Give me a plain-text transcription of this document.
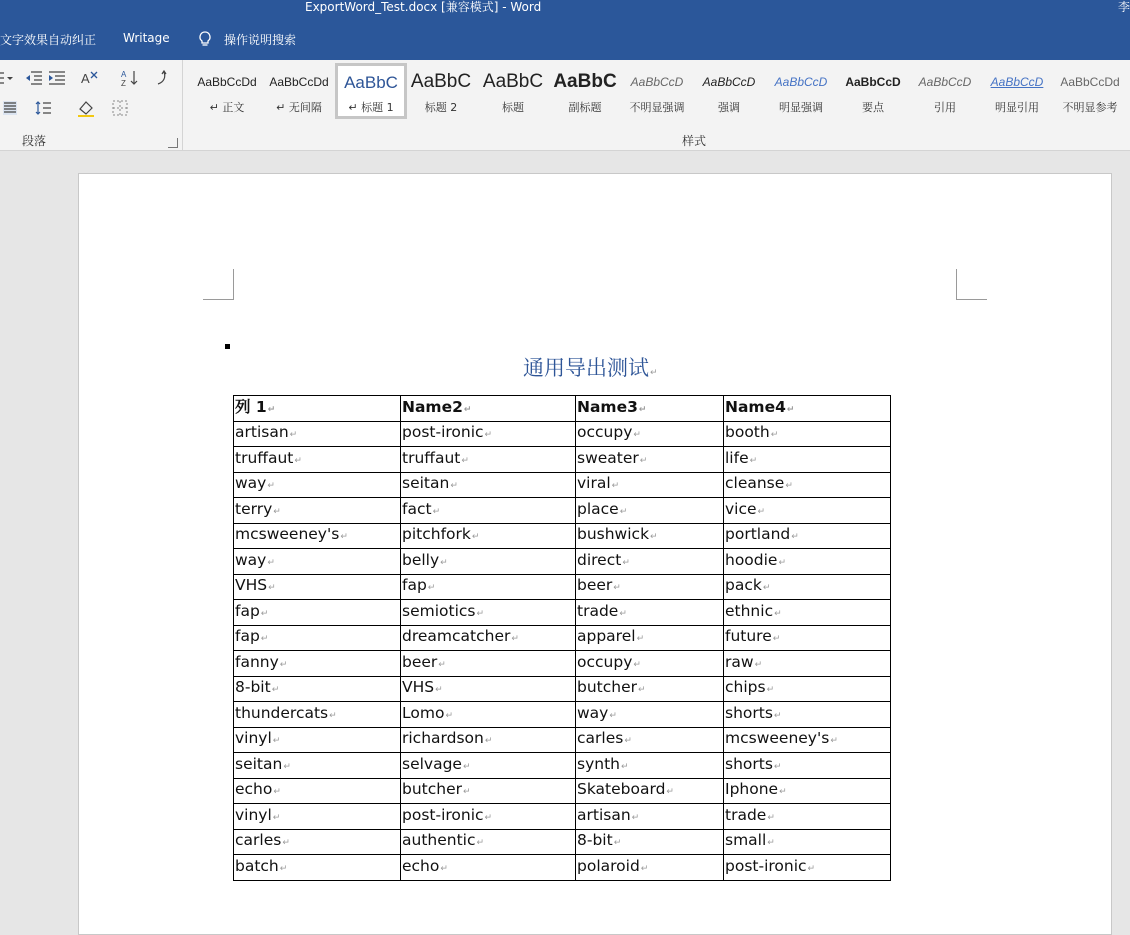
ExportWord_Test.docx [兼容模式] - Word	李
文字效果自动纠正 Writage	操作说明搜索
A	A
Z
段落
AaBbCcDd
↵ 正文
AaBbCcDd
↵ 无间隔
AaBbC
↵ 标题 1
AaBbC
标题 2
AaBbC
标题
AaBbC
副标题
AaBbCcD
不明显强调
AaBbCcD
强调
AaBbCcD
明显强调
AaBbCcD
要点
AaBbCcD
引用
AaBbCcD
明显引用
AaBbCcDd
不明显参考
样式
通用导出测试↵
列 1↵	Name2↵	Name3↵	Name4↵
artisan↵	post-ironic↵	occupy↵	booth↵
truffaut↵	truffaut↵	sweater↵	life↵
way↵	seitan↵	viral↵	cleanse↵
terry↵	fact↵	place↵	vice↵
mcsweeney's↵	pitchfork↵	bushwick↵	portland↵
way↵	belly↵	direct↵	hoodie↵
VHS↵	fap↵	beer↵	pack↵
fap↵	semiotics↵	trade↵	ethnic↵
fap↵	dreamcatcher↵	apparel↵	future↵
fanny↵	beer↵	occupy↵	raw↵
8-bit↵	VHS↵	butcher↵	chips↵
thundercats↵	Lomo↵	way↵	shorts↵
vinyl↵	richardson↵	carles↵	mcsweeney's↵
seitan↵	selvage↵	synth↵	shorts↵
echo↵	butcher↵	Skateboard↵	Iphone↵
vinyl↵	post-ironic↵	artisan↵	trade↵
carles↵	authentic↵	8-bit↵	small↵
batch↵	echo↵	polaroid↵	post-ironic↵
